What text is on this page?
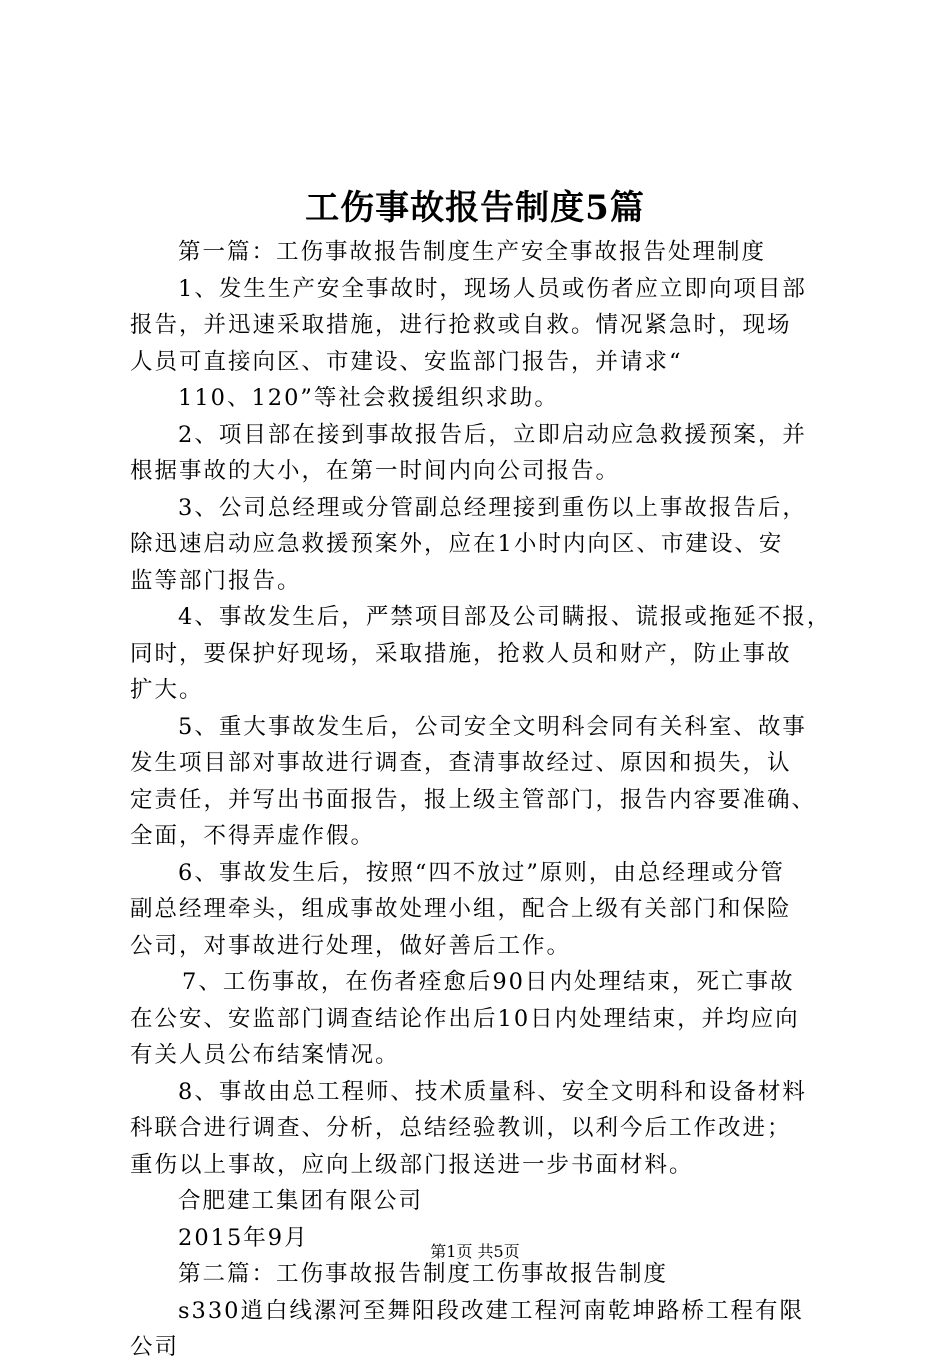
工伤事故报告制度5篇
第一篇：工伤事故报告制度生产安全事故报告处理制度
1、发生生产安全事故时，现场人员或伤者应立即向项目部
报告，并迅速采取措施，进行抢救或自救。情况紧急时，现场
人员可直接向区、市建设、安监部门报告，并请求“
110、120”等社会救援组织求助。
2、项目部在接到事故报告后，立即启动应急救援预案，并
根据事故的大小，在第一时间内向公司报告。
3、公司总经理或分管副总经理接到重伤以上事故报告后，
除迅速启动应急救援预案外，应在1小时内向区、市建设、安
监等部门报告。
4、事故发生后，严禁项目部及公司瞒报、谎报或拖延不报，
同时，要保护好现场，采取措施，抢救人员和财产，防止事故
扩大。
5、重大事故发生后，公司安全文明科会同有关科室、故事
发生项目部对事故进行调查，查清事故经过、原因和损失，认
定责任，并写出书面报告，报上级主管部门，报告内容要准确、
全面，不得弄虚作假。
6、事故发生后，按照“四不放过”原则，由总经理或分管
副总经理牵头，组成事故处理小组，配合上级有关部门和保险
公司，对事故进行处理，做好善后工作。
7、工伤事故，在伤者痊愈后90日内处理结束，死亡事故
在公安、安监部门调查结论作出后10日内处理结束，并均应向
有关人员公布结案情况。
8、事故由总工程师、技术质量科、安全文明科和设备材料
科联合进行调查、分析，总结经验教训，以利今后工作改进；
重伤以上事故，应向上级部门报送进一步书面材料。
合肥建工集团有限公司
2015年9月
第二篇：工伤事故报告制度工伤事故报告制度
s330逍白线漯河至舞阳段改建工程河南乾坤路桥工程有限
公司
第1页 共5页
